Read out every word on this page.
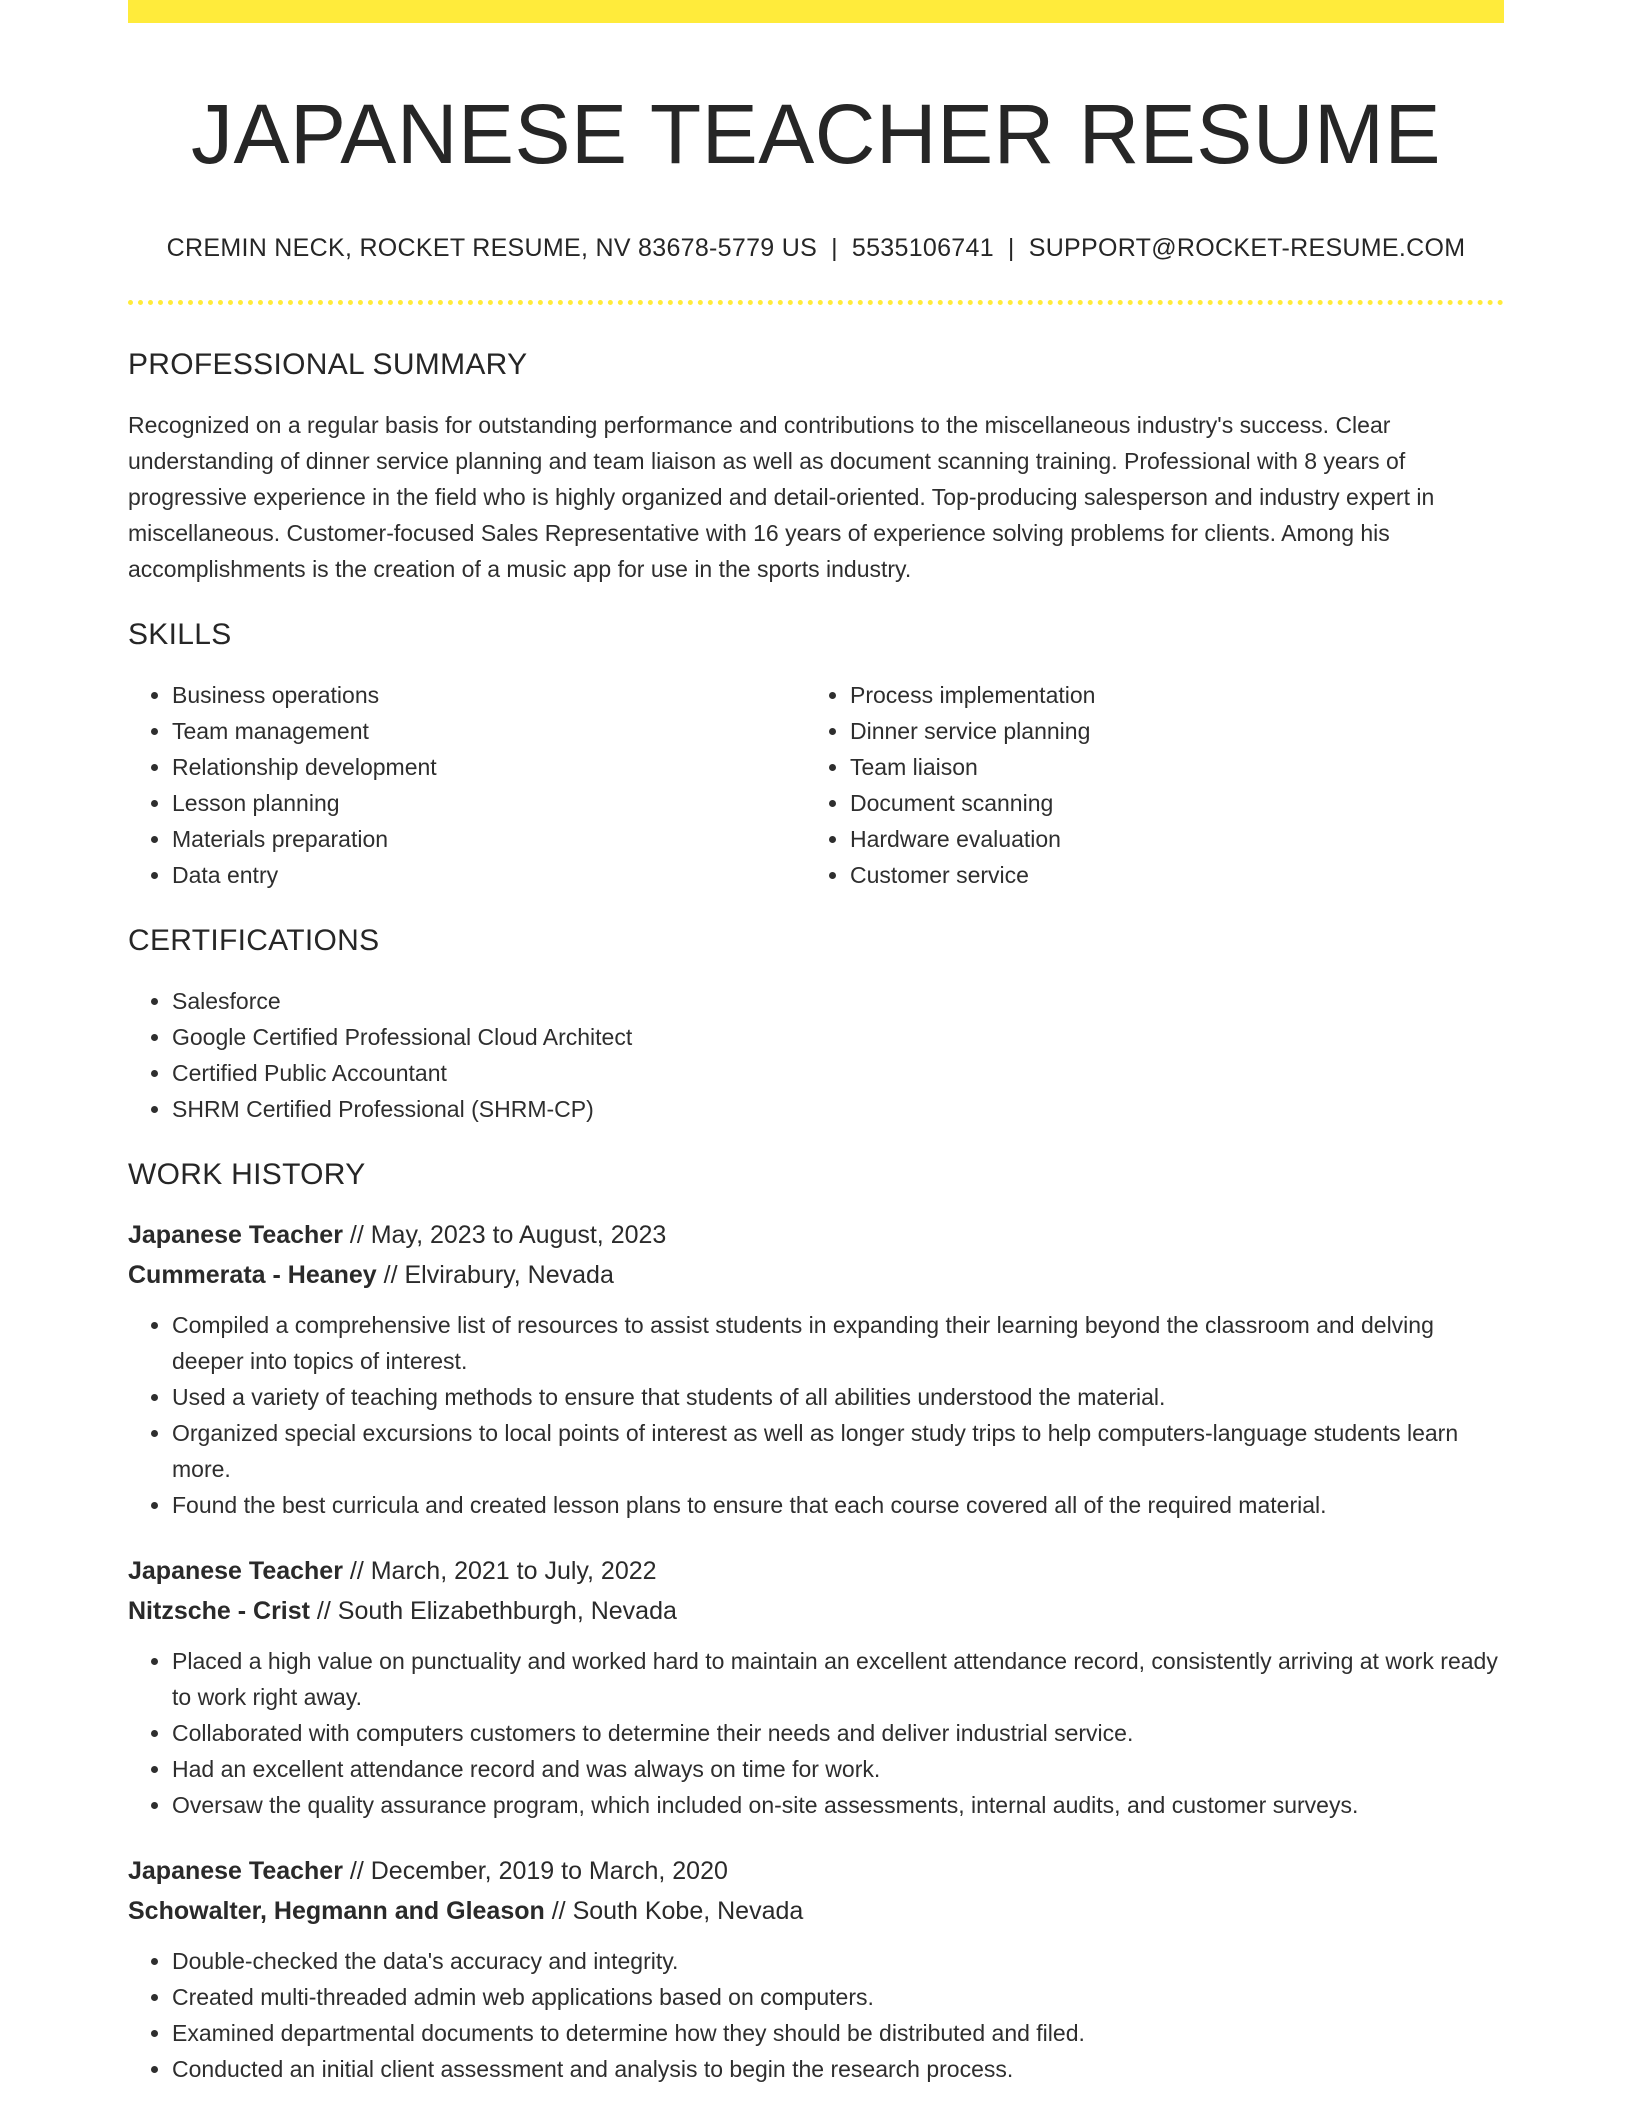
JAPANESE TEACHER RESUME
CREMIN NECK, ROCKET RESUME, NV 83678-5779 US | 5535106741 | SUPPORT@ROCKET-RESUME.COM
PROFESSIONAL SUMMARY
Recognized on a regular basis for outstanding performance and contributions to the miscellaneous industry's success. Clear understanding of dinner service planning and team liaison as well as document scanning training. Professional with 8 years of progressive experience in the field who is highly organized and detail-oriented. Top-producing salesperson and industry expert in miscellaneous. Customer-focused Sales Representative with 16 years of experience solving problems for clients. Among his accomplishments is the creation of a music app for use in the sports industry.
SKILLS
• Business operations
• Team management
• Relationship development
• Lesson planning
• Materials preparation
• Data entry
• Process implementation
• Dinner service planning
• Team liaison
• Document scanning
• Hardware evaluation
• Customer service
CERTIFICATIONS
• Salesforce
• Google Certified Professional Cloud Architect
• Certified Public Accountant
• SHRM Certified Professional (SHRM-CP)
WORK HISTORY
Japanese Teacher // May, 2023 to August, 2023
Cummerata - Heaney // Elvirabury, Nevada
• Compiled a comprehensive list of resources to assist students in expanding their learning beyond the classroom and delving deeper into topics of interest.
• Used a variety of teaching methods to ensure that students of all abilities understood the material.
• Organized special excursions to local points of interest as well as longer study trips to help computers-language students learn more.
• Found the best curricula and created lesson plans to ensure that each course covered all of the required material.
Japanese Teacher // March, 2021 to July, 2022
Nitzsche - Crist // South Elizabethburgh, Nevada
• Placed a high value on punctuality and worked hard to maintain an excellent attendance record, consistently arriving at work ready to work right away.
• Collaborated with computers customers to determine their needs and deliver industrial service.
• Had an excellent attendance record and was always on time for work.
• Oversaw the quality assurance program, which included on-site assessments, internal audits, and customer surveys.
Japanese Teacher // December, 2019 to March, 2020
Schowalter, Hegmann and Gleason // South Kobe, Nevada
• Double-checked the data's accuracy and integrity.
• Created multi-threaded admin web applications based on computers.
• Examined departmental documents to determine how they should be distributed and filed.
• Conducted an initial client assessment and analysis to begin the research process.
